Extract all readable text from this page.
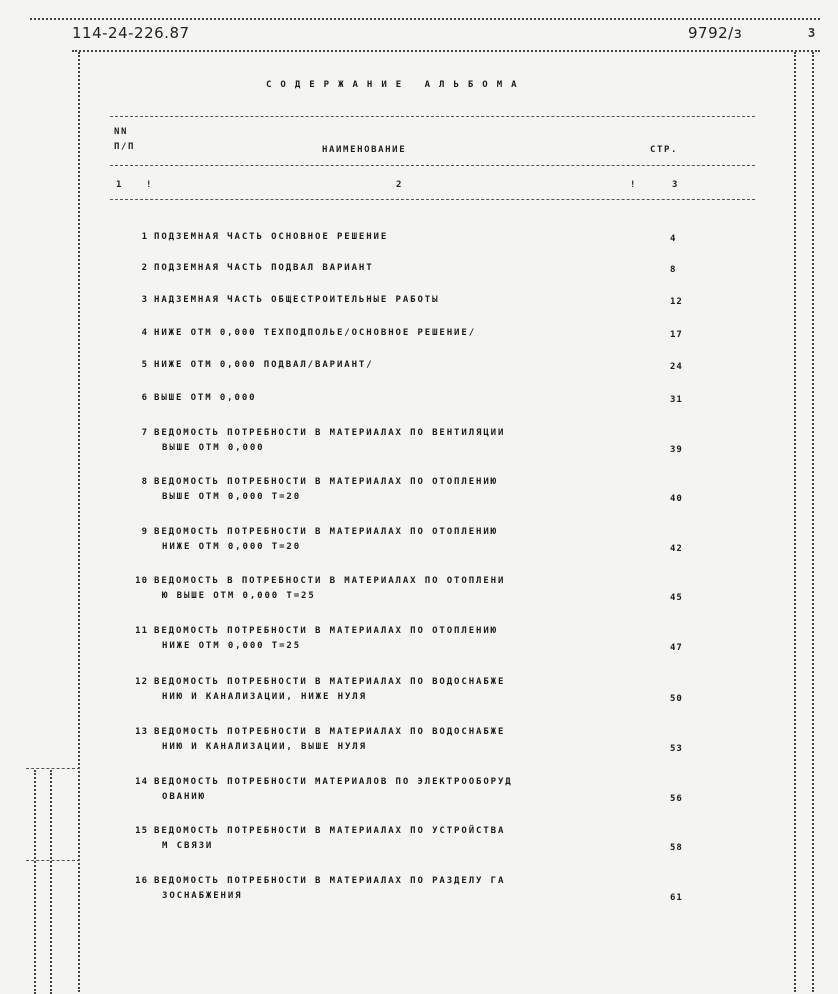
114-24-226.87	9792/з	3
СОДЕРЖАНИЕ АЛЬБОМА
NN
П/П	НАИМЕНОВАНИЕ	СТР.
1	!	2	!	3
1 ПОДЗЕМНАЯ ЧАСТЬ ОСНОВНОЕ РЕШЕНИЕ	4
2 ПОДЗЕМНАЯ ЧАСТЬ ПОДВАЛ ВАРИАНТ	8
3 НАДЗЕМНАЯ ЧАСТЬ ОБЩЕСТРОИТЕЛЬНЫЕ РАБОТЫ	12
4 НИЖЕ ОТМ 0,000 ТЕХПОДПОЛЬЕ/ОСНОВНОЕ РЕШЕНИЕ/	17
5 НИЖЕ ОТМ 0,000 ПОДВАЛ/ВАРИАНТ/	24
6 ВЫШЕ ОТМ 0,000	31
7 ВЕДОМОСТЬ ПОТРЕБНОСТИ В МАТЕРИАЛАХ ПО ВЕНТИЛЯЦИИ
ВЫШЕ ОТМ 0,000	39
8 ВЕДОМОСТЬ ПОТРЕБНОСТИ В МАТЕРИАЛАХ ПО ОТОПЛЕНИЮ
ВЫШЕ ОТМ 0,000 Т=20	40
9 ВЕДОМОСТЬ ПОТРЕБНОСТИ В МАТЕРИАЛАХ ПО ОТОПЛЕНИЮ
НИЖЕ ОТМ 0,000 Т=20	42
10 ВЕДОМОСТЬ В ПОТРЕБНОСТИ В МАТЕРИАЛАХ ПО ОТОПЛЕНИ
Ю ВЫШЕ ОТМ 0,000 Т=25	45
11 ВЕДОМОСТЬ ПОТРЕБНОСТИ В МАТЕРИАЛАХ ПО ОТОПЛЕНИЮ
НИЖЕ ОТМ 0,000 Т=25	47
12 ВЕДОМОСТЬ ПОТРЕБНОСТИ В МАТЕРИАЛАХ ПО ВОДОСНАБЖЕ
НИЮ И КАНАЛИЗАЦИИ, НИЖЕ НУЛЯ	50
13 ВЕДОМОСТЬ ПОТРЕБНОСТИ В МАТЕРИАЛАХ ПО ВОДОСНАБЖЕ
НИЮ И КАНАЛИЗАЦИИ, ВЫШЕ НУЛЯ	53
14 ВЕДОМОСТЬ ПОТРЕБНОСТИ МАТЕРИАЛОВ ПО ЭЛЕКТРООБОРУД
ОВАНИЮ	56
15 ВЕДОМОСТЬ ПОТРЕБНОСТИ В МАТЕРИАЛАХ ПО УСТРОЙСТВА
М СВЯЗИ	58
16 ВЕДОМОСТЬ ПОТРЕБНОСТИ В МАТЕРИАЛАХ ПО РАЗДЕЛУ ГА
ЗОСНАБЖЕНИЯ	61
